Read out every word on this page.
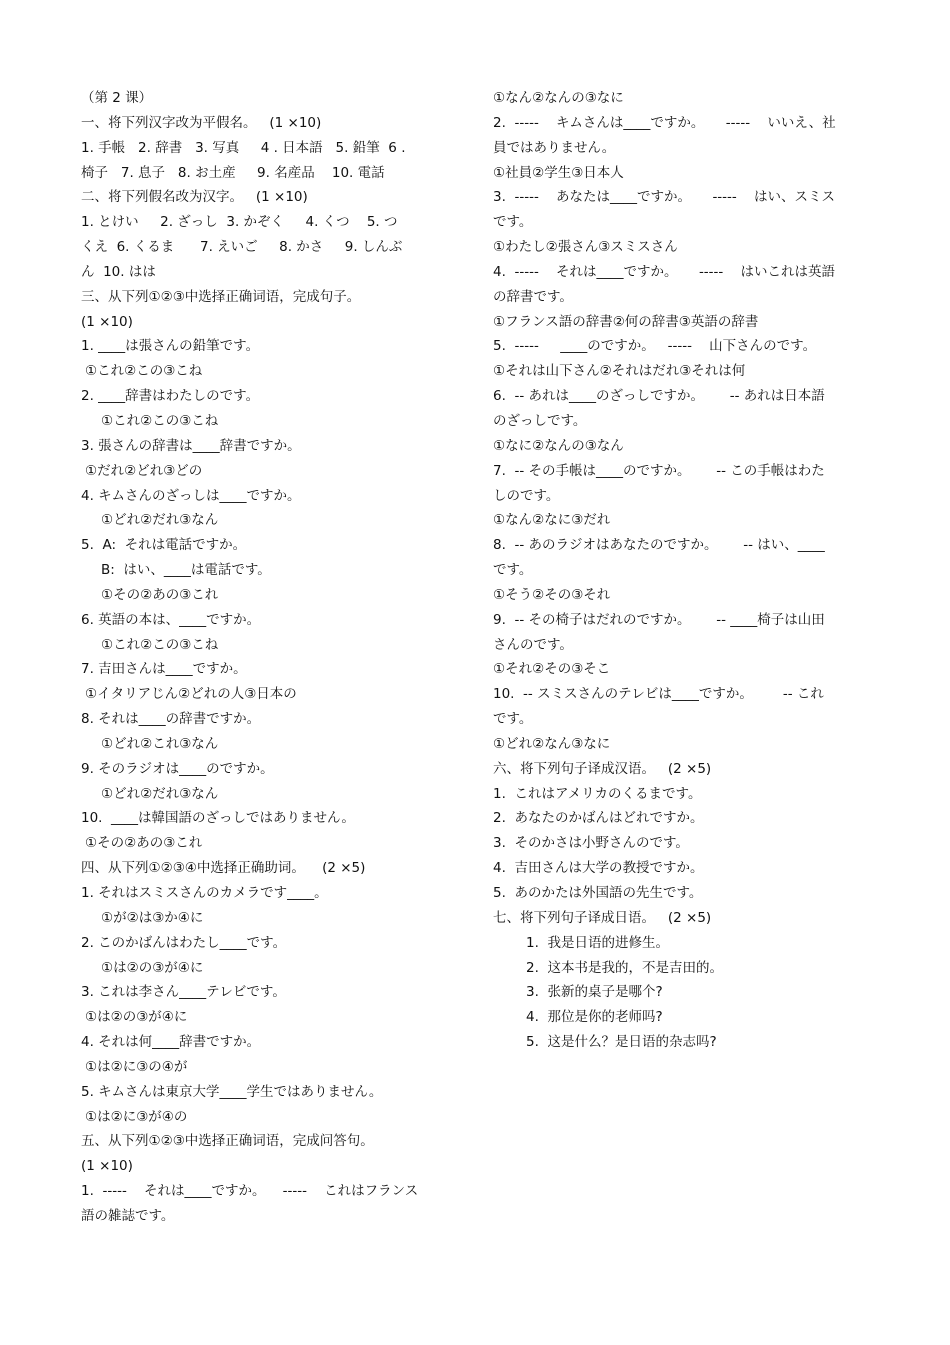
（第 2 课）
一、将下列汉字改为平假名。   (1 ×10)
1. 手帳   2. 辞書   3. 写真     4 . 日本語   5. 鉛筆  6 .
椅子   7. 息子   8. お土産     9. 名産品    10. 電話
二、将下列假名改为汉字。   (1 ×10)
1. とけい     2. ざっし  3. かぞく     4. くつ    5. つ
くえ  6. くるま      7. えいご     8. かさ     9. しんぶ
ん  10. はは
三、从下列①②③中选择正确词语，完成句子。
(1 ×10)
1. ____は張さんの鉛筆です。
①これ②この③こね
2. ____辞書はわたしのです。
①これ②この③こね
3. 張さんの辞書は____辞書ですか。
①だれ②どれ③どの
4. キムさんのざっしは____ですか。
①どれ②だれ③なん
5.  A:  それは電話ですか。
B:  はい、____は電話です。
①その②あの③これ
6. 英語の本は、____ですか。
①これ②この③こね
7. 吉田さんは____ですか。
①イタリアじん②どれの人③日本の
8. それは____の辞書ですか。
①どれ②これ③なん
9. そのラジオは____のですか。
①どれ②だれ③なん
10.  ____は韓国語のざっしではありません。
①その②あの③これ
四、从下列①②③④中选择正确助词。    (2 ×5)
1. それはスミスさんのカメラです____。
①が②は③か④に
2. このかばんはわたし____です。
①は②の③が④に
3. これは李さん____テレビです。
①は②の③が④に
4. それは何____辞書ですか。
①は②に③の④が
5. キムさんは東京大学____学生ではありません。
①は②に③が④の
五、从下列①②③中选择正确词语，完成问答句。
(1 ×10)
1.  -----    それは____ですか。    -----    これはフランス
語の雑誌です。
①なん②なんの③なに
2.  -----    キムさんは____ですか。     -----    いいえ、社
員ではありません。
①社員②学生③日本人
3.  -----    あなたは____ですか。     -----    はい、スミス
です。
①わたし②張さん③スミスさん
4.  -----    それは____ですか。     -----    はいこれは英語
の辞書です。
①フランス語の辞書②何の辞書③英語の辞書
5.  -----     ____のですか。   -----    山下さんのです。
①それは山下さん②それはだれ③それは何
6.  -- あれは____のざっしですか。      -- あれは日本語
のざっしです。
①なに②なんの③なん
7.  -- その手帳は____のですか。      -- この手帳はわた
しのです。
①なん②なに③だれ
8.  -- あのラジオはあなたのですか。      -- はい、____
です。
①そう②その③それ
9.  -- その椅子はだれのですか。      -- ____椅子は山田
さんのです。
①それ②その③そこ
10.  -- スミスさんのテレビは____ですか。       -- これ
です。
①どれ②なん③なに
六、将下列句子译成汉语。   (2 ×5)
1.  これはアメリカのくるまです。
2.  あなたのかばんはどれですか。
3.  そのかさは小野さんのです。
4.  吉田さんは大学の教授ですか。
5.  あのかたは外国語の先生です。
七、将下列句子译成日语。   (2 ×5)
1.  我是日语的进修生。
2.  这本书是我的，不是吉田的。
3.  张新的桌子是哪个?
4.  那位是你的老师吗?
5.  这是什么？是日语的杂志吗?
